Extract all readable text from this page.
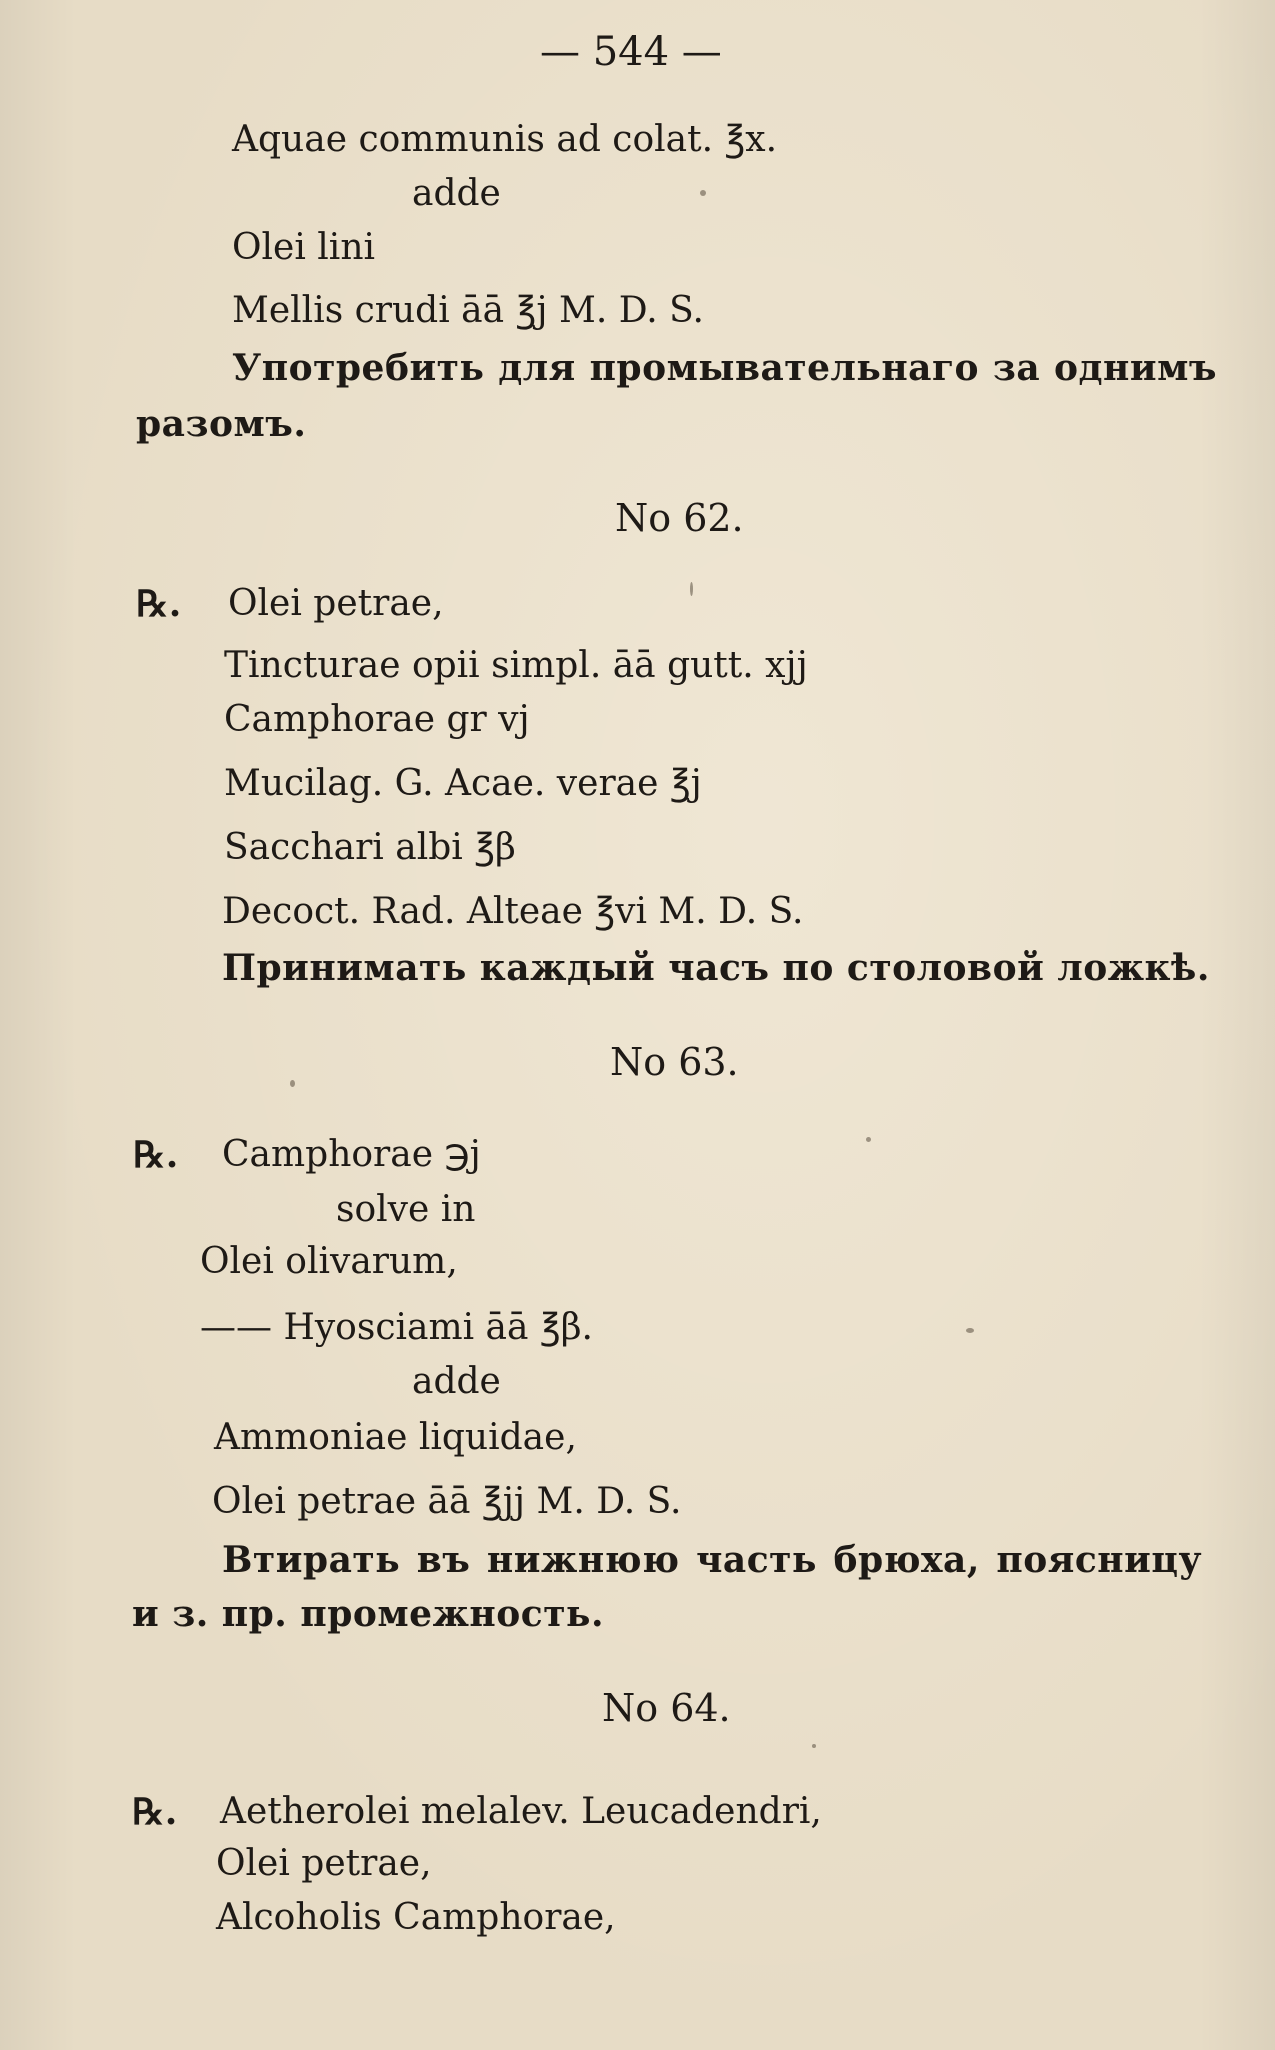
— 544 —
Aquae communis ad colat. ℥x.
adde
Olei lini
Mellis crudi āā ℥j M. D. S.
Употребить для промывательнаго за однимъ
разомъ.
No 62.
℞. Olei petrae,
Tincturae opii simpl. āā gutt. xjj
Camphorae gr vj
Mucilag. G. Acae. verae ℥j
Sacchari albi ℥β
Decoct. Rad. Alteae ℥vi M. D. S.
Принимать каждый часъ по столовой ложкѣ.
No 63.
℞. Camphorae ℈j
solve in
Olei olivarum,
—— Hyosciami āā ℥β.
adde
Ammoniae liquidae,
Olei petrae āā ℥jj M. D. S.
Втирать въ нижнюю часть брюха, поясницу
и з. пр. промежность.
No 64.
℞. Aetherolei melalev. Leucadendri,
Olei petrae,
Alcoholis Camphorae,
